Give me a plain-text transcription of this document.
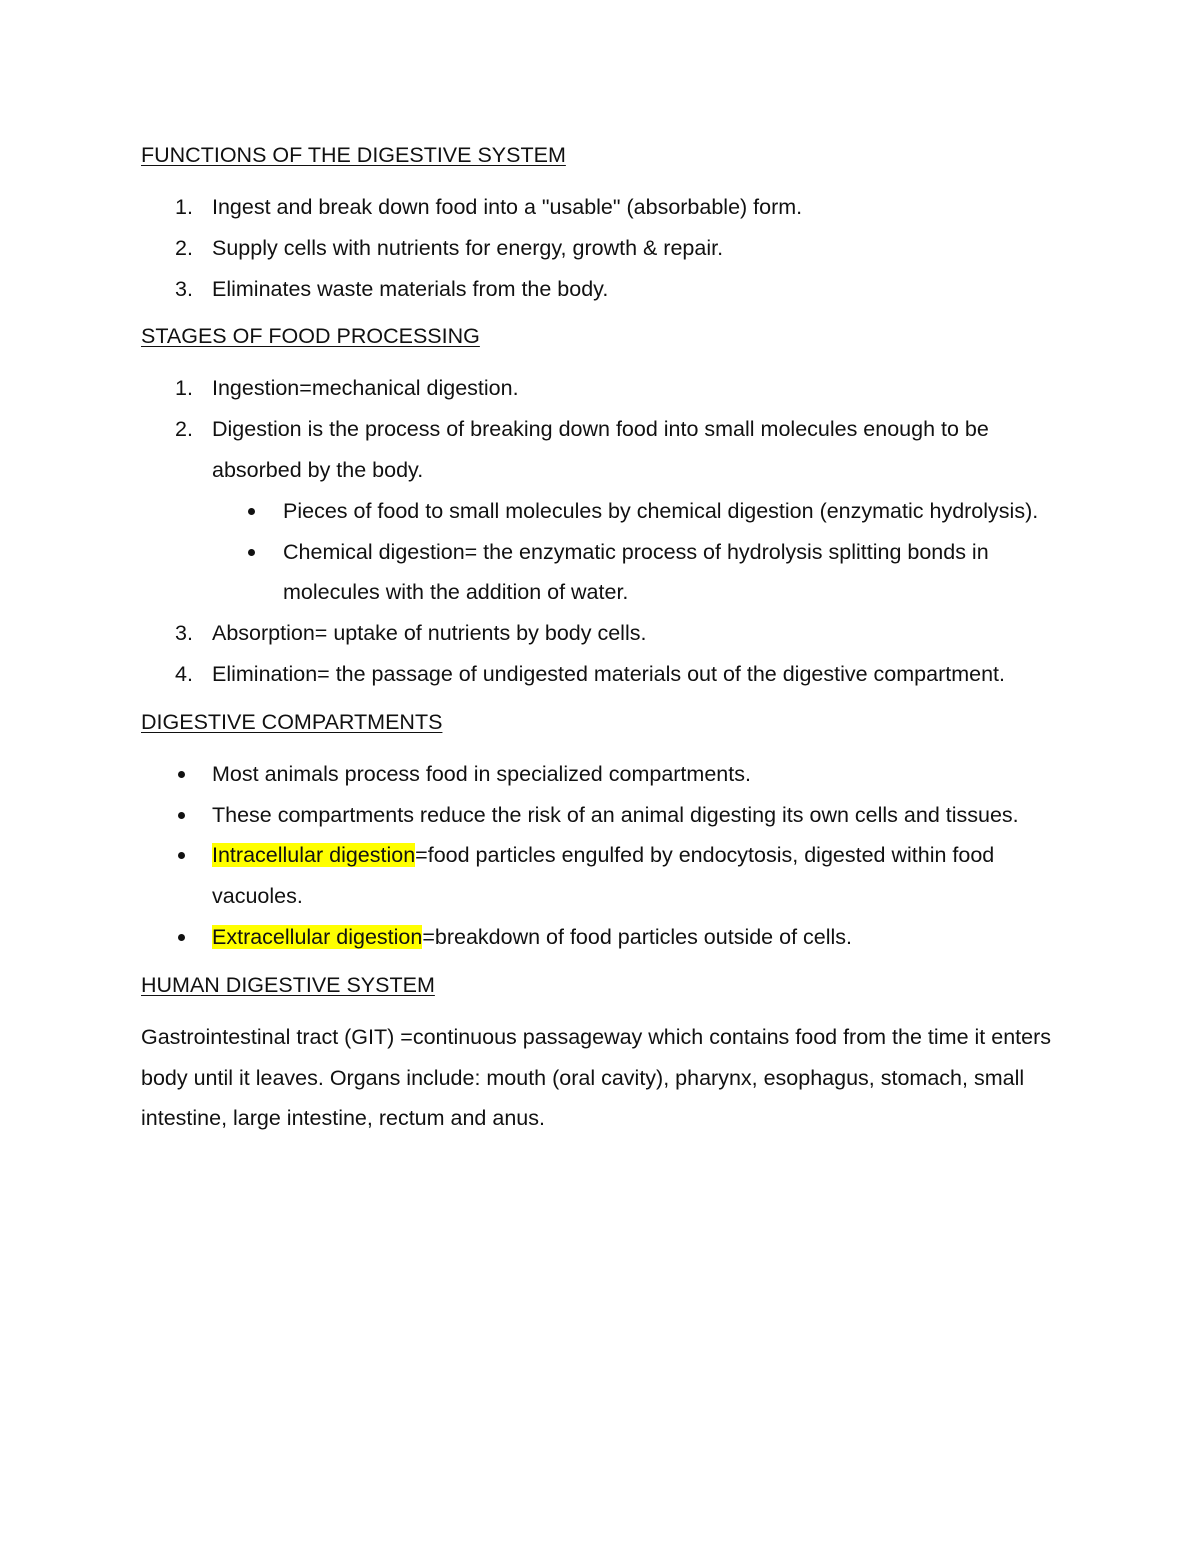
FUNCTIONS OF THE DIGESTIVE SYSTEM
1. Ingest and break down food into a "usable" (absorbable) form.
2. Supply cells with nutrients for energy, growth & repair.
3. Eliminates waste materials from the body.
STAGES OF FOOD PROCESSING
1. Ingestion=mechanical digestion.
2. Digestion is the process of breaking down food into small molecules enough to be absorbed by the body.
Pieces of food to small molecules by chemical digestion (enzymatic hydrolysis).
Chemical digestion= the enzymatic process of hydrolysis splitting bonds in molecules with the addition of water.
3. Absorption= uptake of nutrients by body cells.
4. Elimination= the passage of undigested materials out of the digestive compartment.
DIGESTIVE COMPARTMENTS
Most animals process food in specialized compartments.
These compartments reduce the risk of an animal digesting its own cells and tissues.
Intracellular digestion=food particles engulfed by endocytosis, digested within food vacuoles.
Extracellular digestion=breakdown of food particles outside of cells.
HUMAN DIGESTIVE SYSTEM

Gastrointestinal tract (GIT) =continuous passageway which contains food from the time it enters body until it leaves. Organs include: mouth (oral cavity), pharynx, esophagus, stomach, small intestine, large intestine, rectum and anus.
